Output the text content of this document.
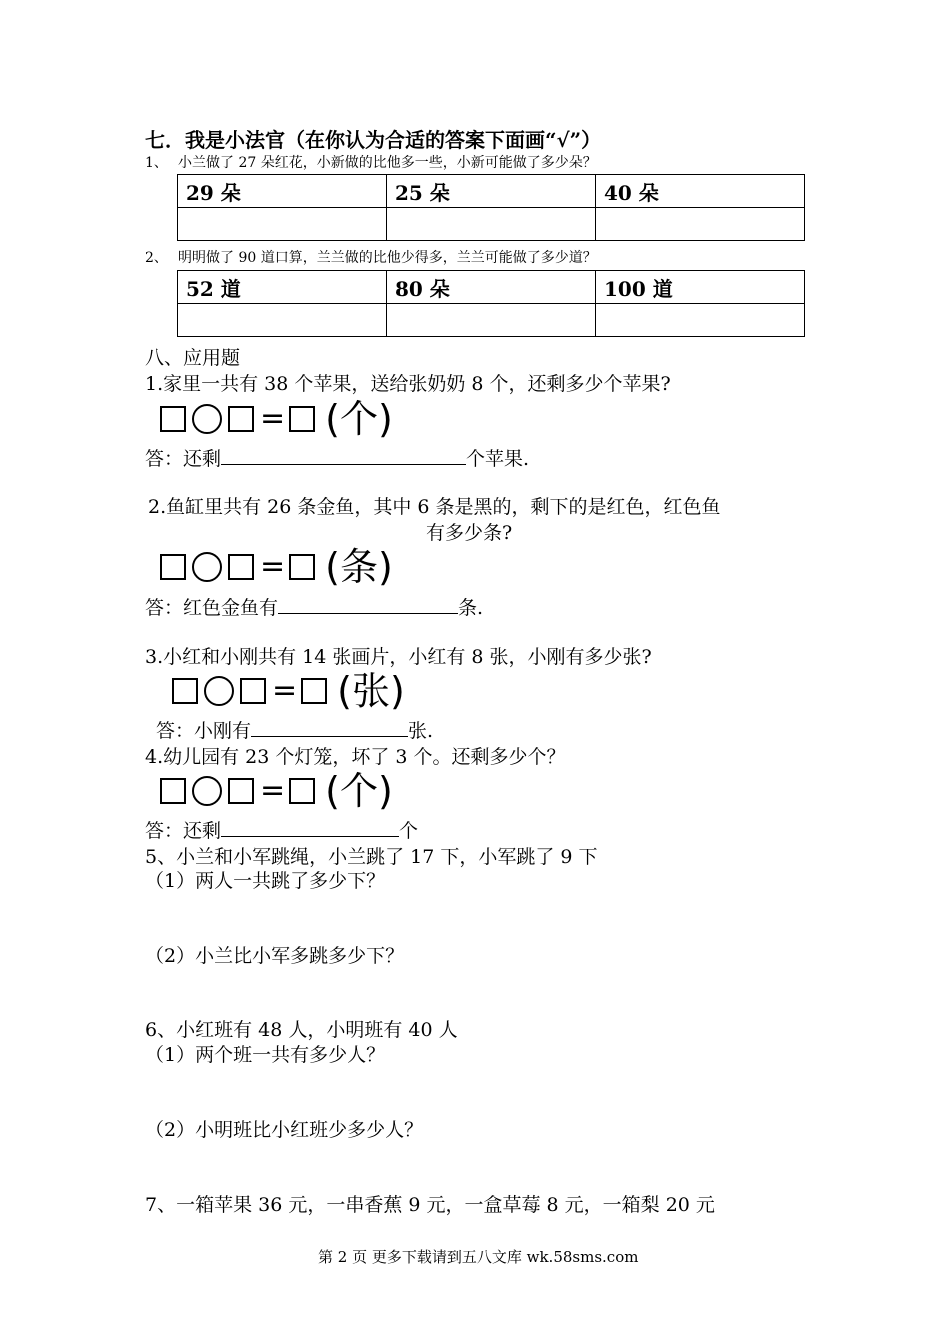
七．我是小法官（在你认为合适的答案下面画“√”）
1、 小兰做了 27 朵红花，小新做的比他多一些，小新可能做了多少朵？
29 朵	25 朵	40 朵

2、 明明做了 90 道口算，兰兰做的比他少得多，兰兰可能做了多少道？
52 道	80 朵	100 道

八、应用题
1.家里一共有 38 个苹果，送给张奶奶 8 个，还剩多少个苹果?
= (个)
答：还剩	个苹果.
2.鱼缸里共有 26 条金鱼，其中 6 条是黑的，剩下的是红色，红色鱼
有多少条?
= (条)
答：红色金鱼有	条.
3.小红和小刚共有 14 张画片，小红有 8 张，小刚有多少张?
= (张)
答：小刚有	张.
4.幼儿园有 23 个灯笼，坏了 3 个。还剩多少个？
= (个)
答：还剩	个
5、小兰和小军跳绳，小兰跳了 17 下，小军跳了 9 下
（1）两人一共跳了多少下？
（2）小兰比小军多跳多少下？
6、小红班有 48 人，小明班有 40 人
（1）两个班一共有多少人？
（2）小明班比小红班少多少人？
7、一箱苹果 36 元，一串香蕉 9 元，一盒草莓 8 元，一箱梨 20 元
第 2 页 更多下载请到五八文库 wk.58sms.com
